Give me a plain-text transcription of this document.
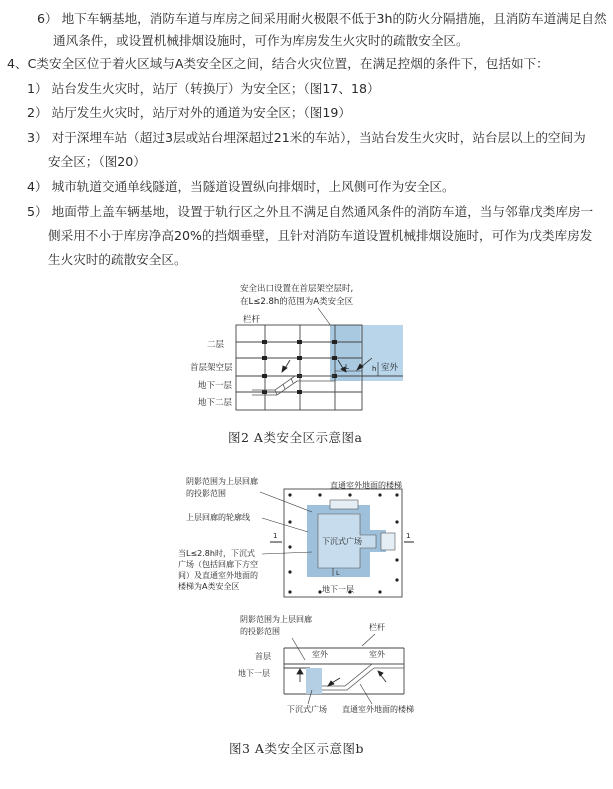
6） 地下车辆基地，消防车道与库房之间采用耐火极限不低于3h的防火分隔措施，且消防车道满足自然
通风条件，或设置机械排烟设施时，可作为库房发生火灾时的疏散安全区。
4、C类安全区位于着火区域与A类安全区之间，结合火灾位置，在满足控烟的条件下，包括如下：
1） 站台发生火灾时，站厅（转换厅）为安全区；（图17、18）
2） 站厅发生火灾时，站厅对外的通道为安全区；（图19）
3） 对于深埋车站（超过3层或站台埋深超过21米的车站），当站台发生火灾时，站台层以上的空间为
安全区；（图20）
4） 城市轨道交通单线隧道，当隧道设置纵向排烟时，上风侧可作为安全区。
5） 地面带上盖车辆基地，设置于轨行区之外且不满足自然通风条件的消防车道，当与邻靠戊类库房一
侧采用不小于库房净高20%的挡烟垂壁，且针对消防车道设置机械排烟设施时，可作为戊类库房发
生火灾时的疏散安全区。
安全出口设置在首层架空层时,
在L≤2.8h的范围为A类安全区
L	h
栏杆
二层
首层架空层
地下一层
地下二层
室外
图2 A类安全区示意图a
阴影范围为上层回廊
的投影范围
上层回廊的轮廓线
当L≤2.8h时，下沉式
广场（包括回廊下方空
间）及直通室外地面的
楼梯为A类安全区
1	1
L
直通室外地面的楼梯
下沉式广场
地下一层
阴影范围为上层回廊
的投影范围	栏杆
首层
地下一层
室外	室外
下沉式广场 直通室外地面的楼梯
图3 A类安全区示意图b
